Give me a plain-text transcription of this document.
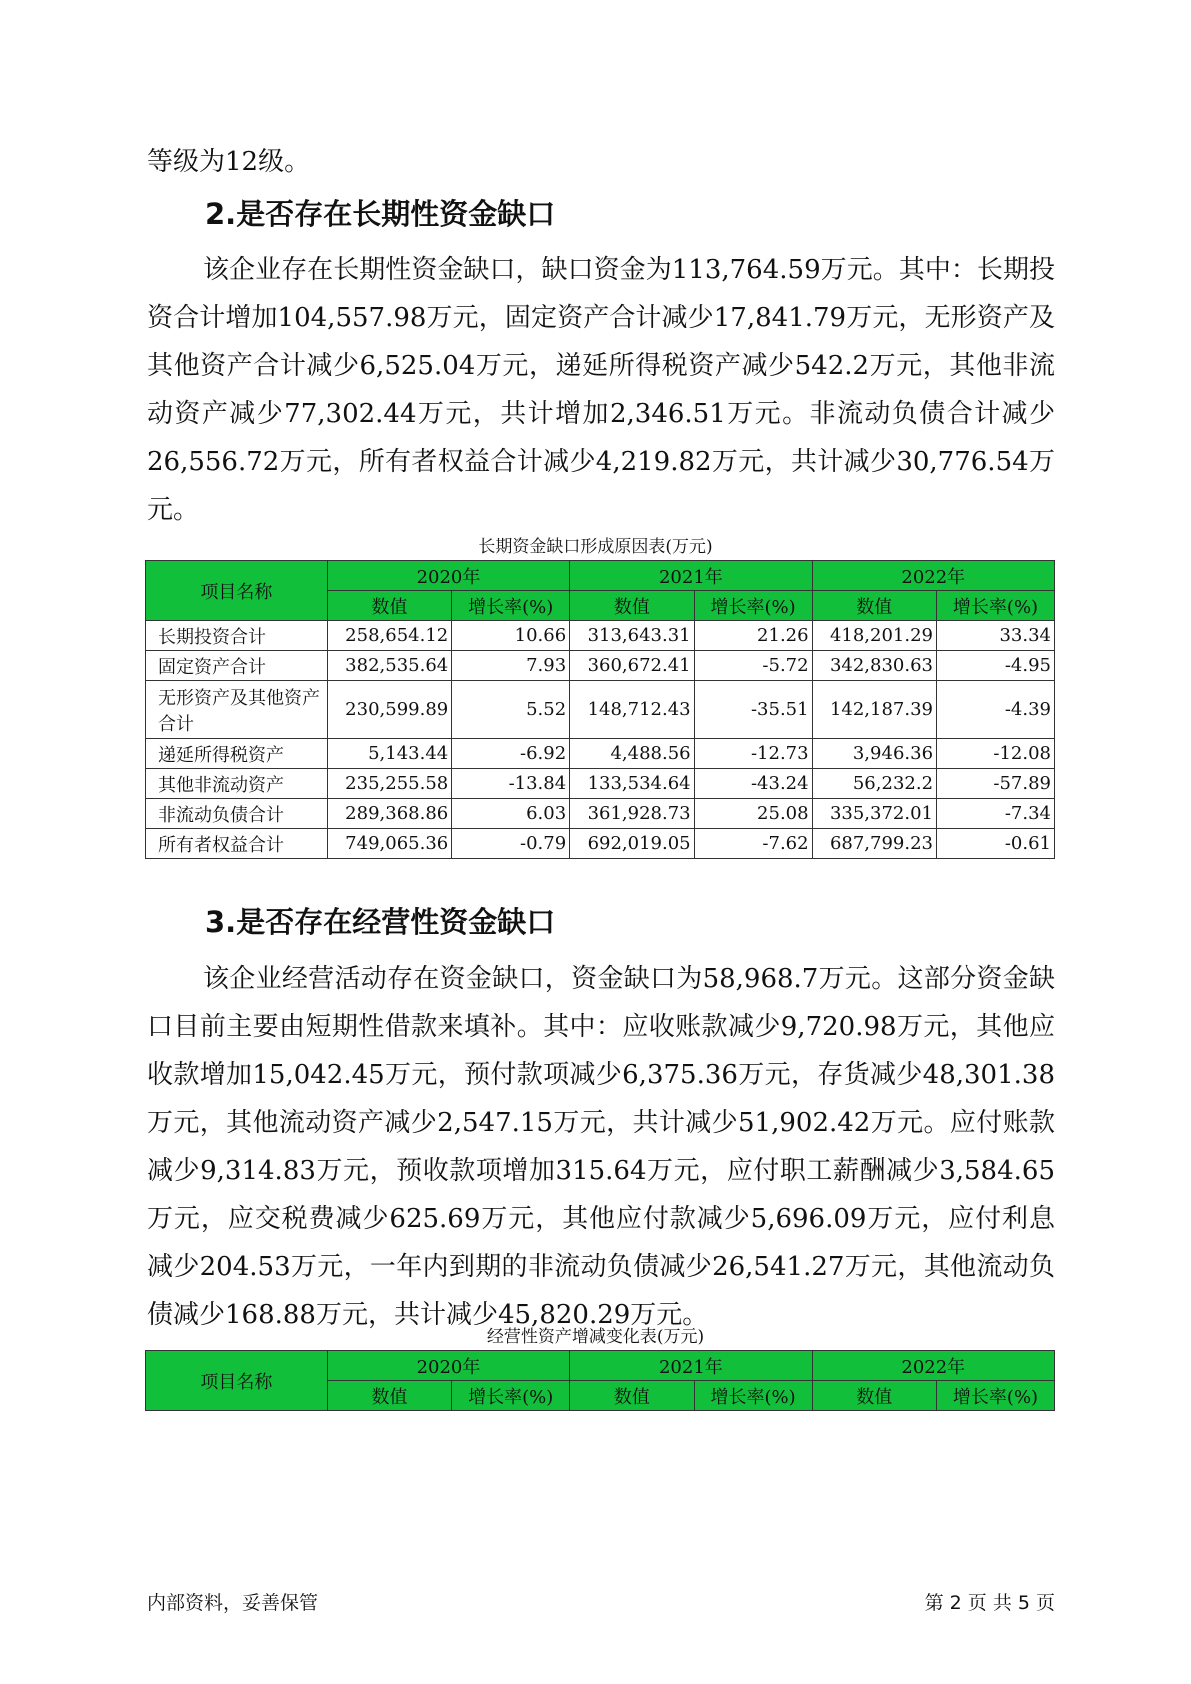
等级为12级。

2.是否存在长期性资金缺口

该企业存在长期性资金缺口，缺口资金为113,764.59万元。其中：长期投资合计增加104,557.98万元，固定资产合计减少17,841.79万元，无形资产及其他资产合计减少6,525.04万元，递延所得税资产减少542.2万元，其他非流动资产减少77,302.44万元，共计增加2,346.51万元。非流动负债合计减少26,556.72万元，所有者权益合计减少4,219.82万元，共计减少30,776.54万元。

长期资金缺口形成原因表(万元)
项目名称	2020年		2021年		2022年	
	数值	增长率(%)	数值	增长率(%)	数值	增长率(%)
长期投资合计	258,654.12	10.66	313,643.31	21.26	418,201.29	33.34
固定资产合计	382,535.64	7.93	360,672.41	-5.72	342,830.63	-4.95
无形资产及其他资产合计	230,599.89	5.52	148,712.43	-35.51	142,187.39	-4.39
递延所得税资产	5,143.44	-6.92	4,488.56	-12.73	3,946.36	-12.08
其他非流动资产	235,255.58	-13.84	133,534.64	-43.24	56,232.2	-57.89
非流动负债合计	289,368.86	6.03	361,928.73	25.08	335,372.01	-7.34
所有者权益合计	749,065.36	-0.79	692,019.05	-7.62	687,799.23	-0.61
3.是否存在经营性资金缺口

该企业经营活动存在资金缺口，资金缺口为58,968.7万元。这部分资金缺口目前主要由短期性借款来填补。其中：应收账款减少9,720.98万元，其他应收款增加15,042.45万元，预付款项减少6,375.36万元，存货减少48,301.38万元，其他流动资产减少2,547.15万元，共计减少51,902.42万元。应付账款减少9,314.83万元，预收款项增加315.64万元，应付职工薪酬减少3,584.65万元，应交税费减少625.69万元，其他应付款减少5,696.09万元，应付利息减少204.53万元，一年内到期的非流动负债减少26,541.27万元，其他流动负债减少168.88万元，共计减少45,820.29万元。

经营性资产增减变化表(万元)
项目名称	2020年		2021年		2022年	
	数值	增长率(%)	数值	增长率(%)	数值	增长率(%)
内部资料，妥善保管	第 2 页 共 5 页
